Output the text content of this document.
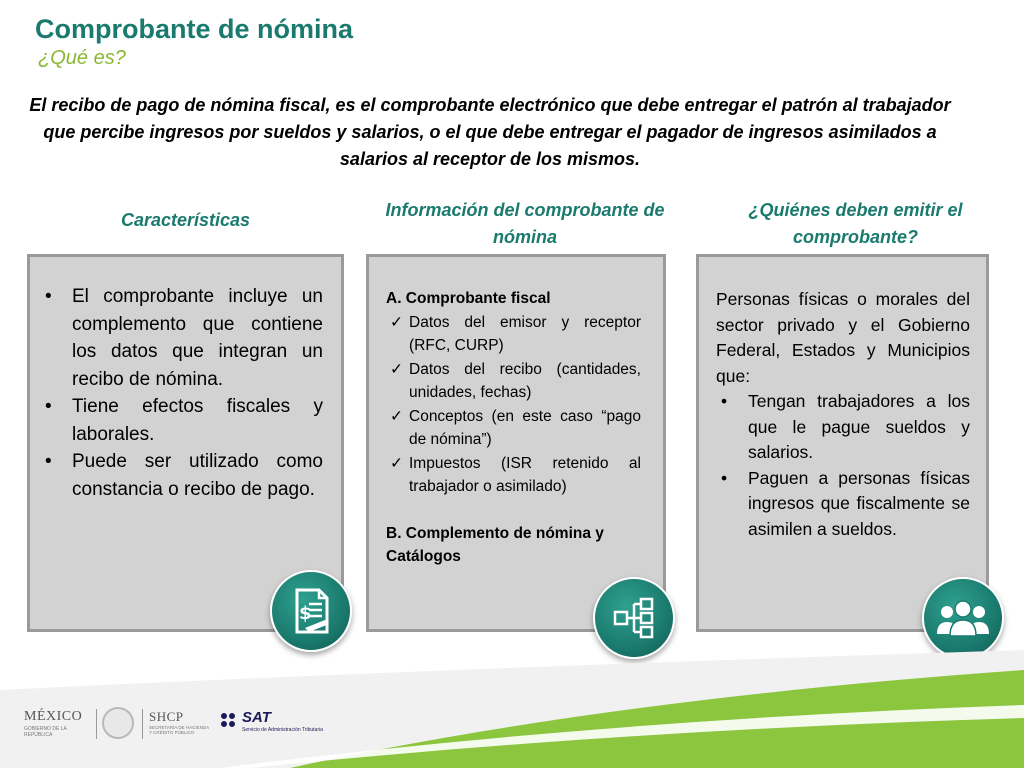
Comprobante de nómina
¿Qué es?
El recibo de pago de nómina fiscal, es el comprobante electrónico que debe entregar el patrón al trabajador que percibe ingresos por sueldos y salarios, o el que debe entregar el pagador de ingresos asimilados a salarios al receptor de los mismos.
Características	Información del comprobante de nómina
¿Quiénes deben emitir el comprobante?
• El comprobante incluye un complemento que contiene los datos que integran un recibo de nómina.
• Tiene efectos fiscales y laborales.
• Puede ser utilizado como constancia o recibo de pago.
A. Comprobante fiscal
✓ Datos del emisor y receptor (RFC, CURP)
✓ Datos del recibo (cantidades, unidades, fechas)
✓ Conceptos (en este caso “pago de nómina”)
✓ Impuestos (ISR retenido al trabajador o asimilado)
B. Complemento de nómina y Catálogos
Personas físicas o morales del sector privado y el Gobierno Federal, Estados y Municipios que:
• Tengan trabajadores a los que le pague sueldos y salarios.
• Paguen a personas físicas ingresos que fiscalmente se asimilen a sueldos.
$
MÉXICO
GOBIERNO DE LA REPÚBLICA
SHCP
SECRETARÍA DE HACIENDA Y CRÉDITO PÚBLICO
SAT
Servicio de Administración Tributaria
